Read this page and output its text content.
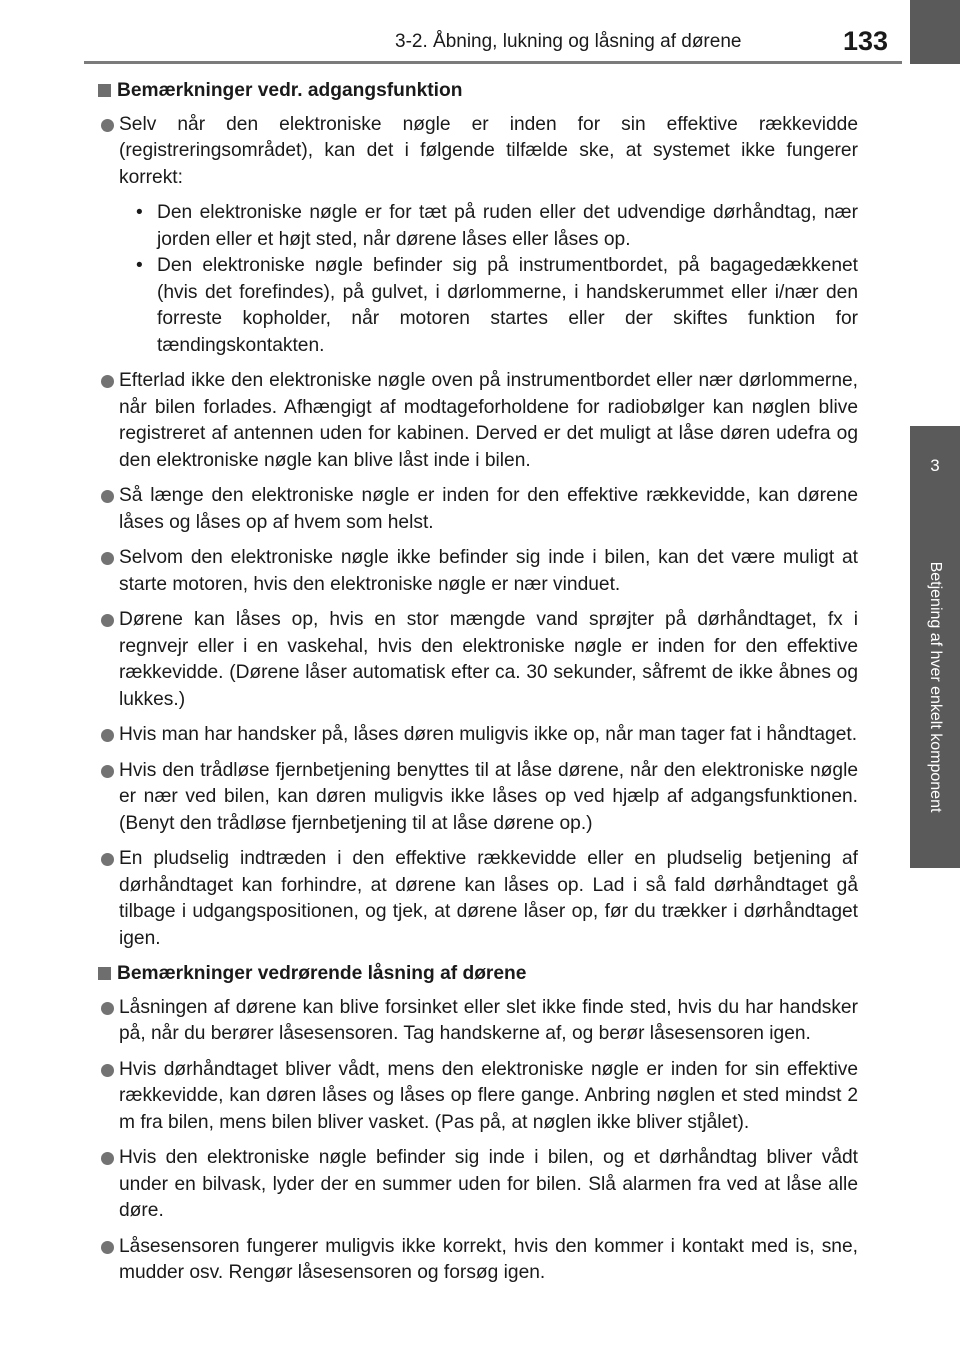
3-2. Åbning, lukning og låsning af dørene	133
3
Betjening af hver enkelt komponent
Bemærkninger vedr. adgangsfunktion
Selv når den elektroniske nøgle er inden for sin effektive rækkevidde (registreringsområdet), kan det i følgende tilfælde ske, at systemet ikke fungerer korrekt:
• Den elektroniske nøgle er for tæt på ruden eller det udvendige dørhåndtag, nær jorden eller et højt sted, når dørene låses eller låses op.
• Den elektroniske nøgle befinder sig på instrumentbordet, på bagagedækkenet (hvis det forefindes), på gulvet, i dørlommerne, i handskerummet eller i/nær den forreste kopholder, når motoren startes eller der skiftes funktion for tændingskontakten.
Efterlad ikke den elektroniske nøgle oven på instrumentbordet eller nær dørlommerne, når bilen forlades. Afhængigt af modtageforholdene for radiobølger kan nøglen blive registreret af antennen uden for kabinen. Derved er det muligt at låse døren udefra og den elektroniske nøgle kan blive låst inde i bilen.
Så længe den elektroniske nøgle er inden for den effektive rækkevidde, kan dørene låses og låses op af hvem som helst.
Selvom den elektroniske nøgle ikke befinder sig inde i bilen, kan det være muligt at starte motoren, hvis den elektroniske nøgle er nær vinduet.
Dørene kan låses op, hvis en stor mængde vand sprøjter på dørhåndtaget, fx i regnvejr eller i en vaskehal, hvis den elektroniske nøgle er inden for den effektive rækkevidde. (Dørene låser automatisk efter ca. 30 sekunder, såfremt de ikke åbnes og lukkes.)
Hvis man har handsker på, låses døren muligvis ikke op, når man tager fat i håndtaget.
Hvis den trådløse fjernbetjening benyttes til at låse dørene, når den elektroniske nøgle er nær ved bilen, kan døren muligvis ikke låses op ved hjælp af adgangsfunktionen. (Benyt den trådløse fjernbetjening til at låse dørene op.)
En pludselig indtræden i den effektive rækkevidde eller en pludselig betjening af dørhåndtaget kan forhindre, at dørene kan låses op. Lad i så fald dørhåndtaget gå tilbage i udgangspositionen, og tjek, at dørene låser op, før du trækker i dørhåndtaget igen.
Bemærkninger vedrørende låsning af dørene
Låsningen af dørene kan blive forsinket eller slet ikke finde sted, hvis du har handsker på, når du berører låsesensoren. Tag handskerne af, og berør låsesensoren igen.
Hvis dørhåndtaget bliver vådt, mens den elektroniske nøgle er inden for sin effektive rækkevidde, kan døren låses og låses op flere gange. Anbring nøglen et sted mindst 2 m fra bilen, mens bilen bliver vasket. (Pas på, at nøglen ikke bliver stjålet).
Hvis den elektroniske nøgle befinder sig inde i bilen, og et dørhåndtag bliver vådt under en bilvask, lyder der en summer uden for bilen. Slå alarmen fra ved at låse alle døre.
Låsesensoren fungerer muligvis ikke korrekt, hvis den kommer i kontakt med is, sne, mudder osv. Rengør låsesensoren og forsøg igen.
